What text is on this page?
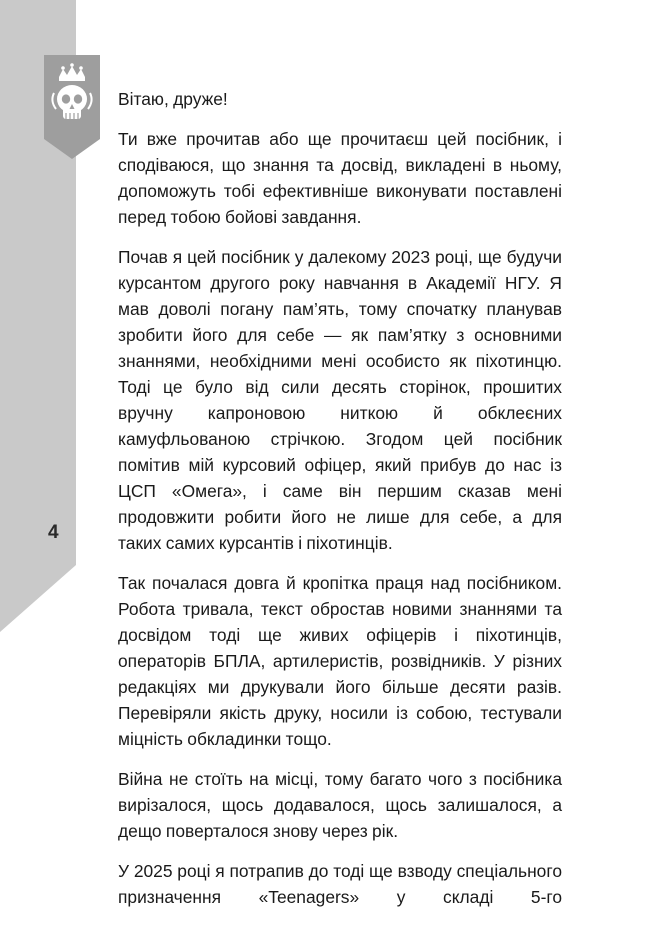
4

Вітаю, друже!

Ти вже прочитав або ще прочитаєш цей посібник, і сподіваюся, що знання та досвід, викладені в ньому, допоможуть тобі ефективніше виконувати поставлені перед тобою бойові завдання.

Почав я цей посібник у далекому 2023 році, ще будучи курсантом другого року навчання в Академії НГУ. Я мав доволі погану пам’ять, тому спочатку планував зробити його для себе — як пам’ятку з основними знаннями, необхідними мені особисто як піхотинцю. Тоді це було від сили десять сторінок, прошитих вручну капроновою ниткою й обклеєних камуфльованою стрічкою. Згодом цей посібник помітив мій курсовий офіцер, який прибув до нас із ЦСП «Омега», і саме він першим сказав мені продовжити робити його не лише для себе, а для таких самих курсантів і піхотинців.

Так почалася довга й кропітка праця над посібником. Робота тривала, текст обростав новими знаннями та досвідом тоді ще живих офіцерів і піхотинців, операторів БПЛА, артилеристів, розвідників. У різних редакціях ми друкували його більше десяти разів. Перевіряли якість друку, носили із собою, тестували міцність обкладинки тощо.

Війна не стоїть на місці, тому багато чого з посібника вирізалося, щось додавалося, щось залишалося, а дещо поверталося знову через рік.

У 2025 році я потрапив до тоді ще взводу спеціального призначення «Teenagers» у складі 5-го
